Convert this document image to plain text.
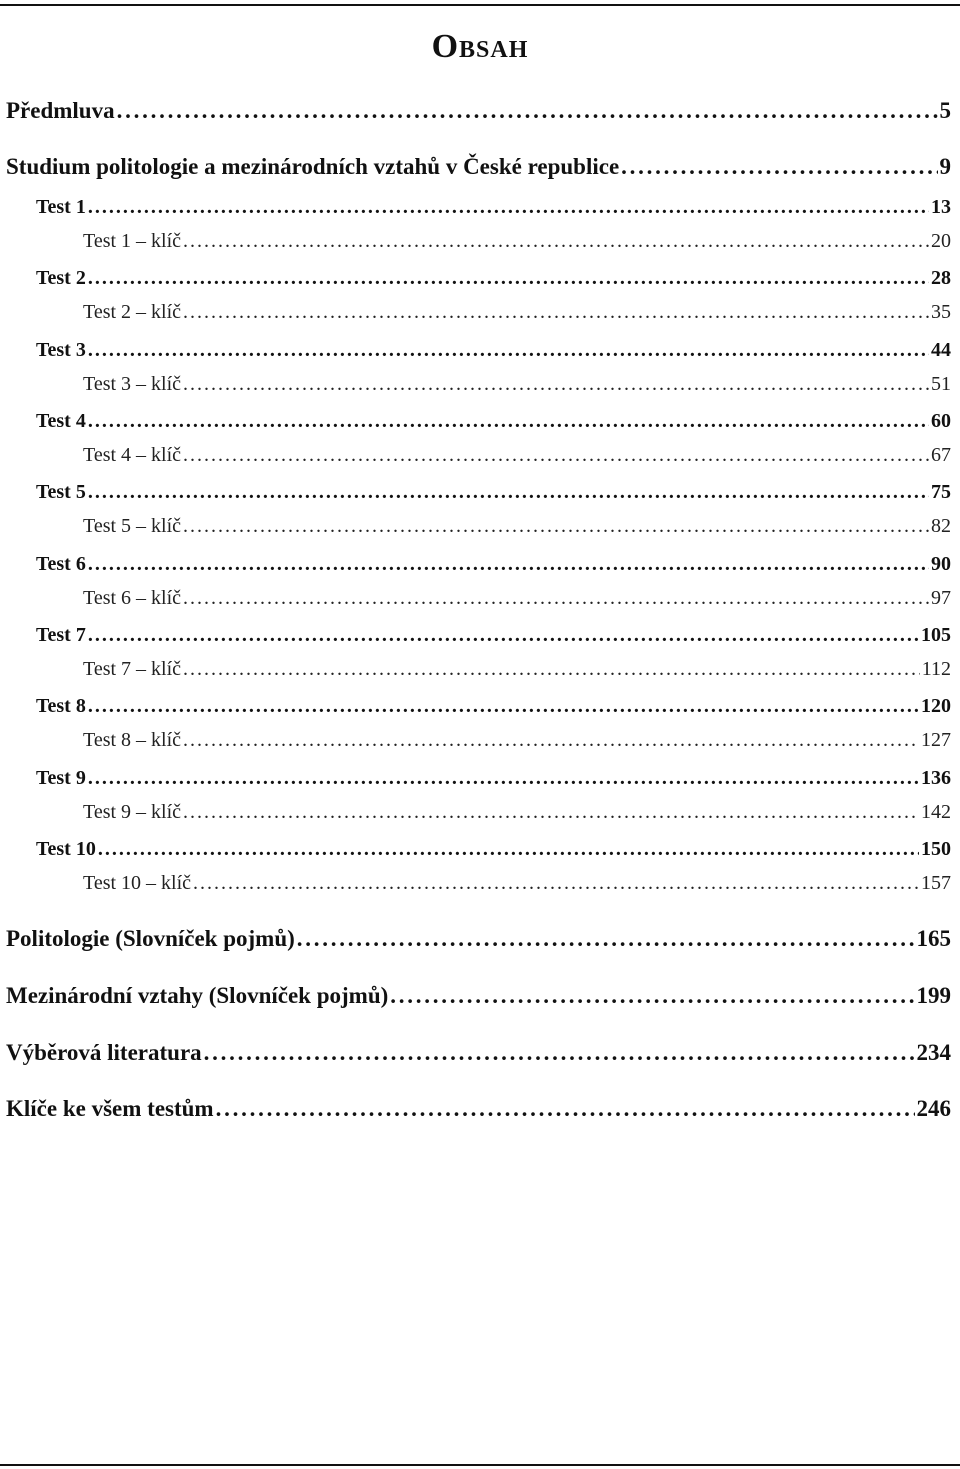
Obsah
Předmluva . . .	5
Studium politologie a mezinárodních vztahů v České republice . . .	9
Test 1 . . .	13
Test 1 – klíč . . .	20
Test 2 . . .	28
Test 2 – klíč . . .	35
Test 3 . . .	44
Test 3 – klíč . . .	51
Test 4 . . .	60
Test 4 – klíč . . .	67
Test 5 . . .	75
Test 5 – klíč . . .	82
Test 6 . . .	90
Test 6 – klíč . . .	97
Test 7 . . .	105
Test 7 – klíč . . .	112
Test 8 . . .	120
Test 8 – klíč . . .	127
Test 9 . . .	136
Test 9 – klíč . . .	142
Test 10 . . .	150
Test 10 – klíč . . .	157
Politologie (Slovníček pojmů) . . .	165
Mezinárodní vztahy (Slovníček pojmů) . . .	199
Výběrová literatura . . .	234
Klíče ke všem testům . . .	246
